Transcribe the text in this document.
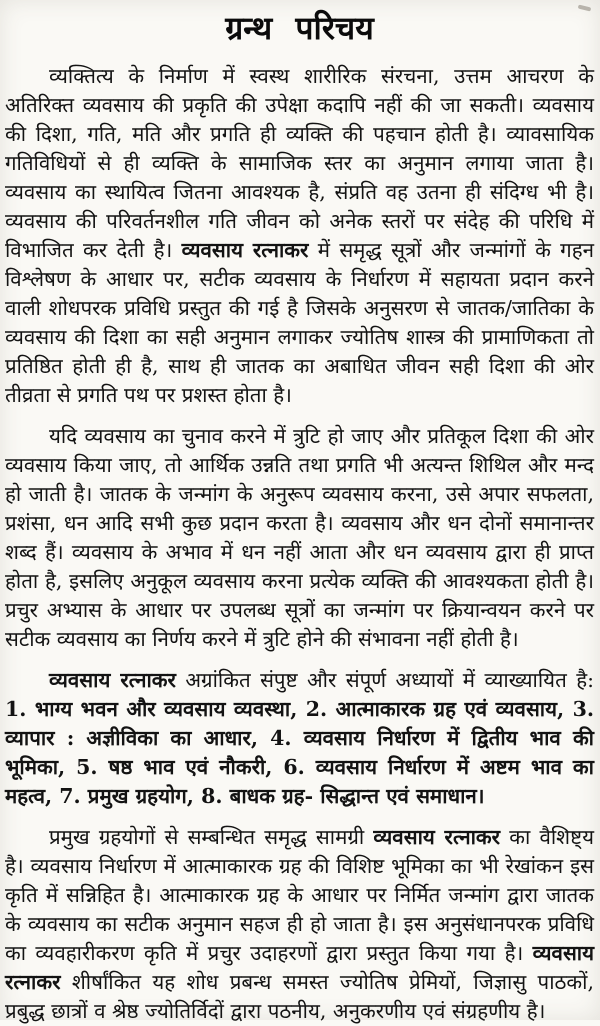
ग्रन्थ परिचय

व्यक्तित्य के निर्माण में स्वस्थ शारीरिक संरचना, उत्तम आचरण के अतिरिक्त व्यवसाय की प्रकृति की उपेक्षा कदापि नहीं की जा सकती। व्यवसाय की दिशा, गति, मति और प्रगति ही व्यक्ति की पहचान होती है। व्यावसायिक गतिविधियों से ही व्यक्ति के सामाजिक स्तर का अनुमान लगाया जाता है। व्यवसाय का स्थायित्व जितना आवश्यक है, संप्रति वह उतना ही संदिग्ध भी है। व्यवसाय की परिवर्तनशील गति जीवन को अनेक स्तरों पर संदेह की परिधि में विभाजित कर देती है। व्यवसाय रत्नाकर में समृद्ध सूत्रों और जन्मांगों के गहन विश्लेषण के आधार पर, सटीक व्यवसाय के निर्धारण में सहायता प्रदान करने वाली शोधपरक प्रविधि प्रस्तुत की गई है जिसके अनुसरण से जातक/जातिका के व्यवसाय की दिशा का सही अनुमान लगाकर ज्योतिष शास्त्र की प्रामाणिकता तो प्रतिष्ठित होती ही है, साथ ही जातक का अबाधित जीवन सही दिशा की ओर तीव्रता से प्रगति पथ पर प्रशस्त होता है।

यदि व्यवसाय का चुनाव करने में त्रुटि हो जाए और प्रतिकूल दिशा की ओर व्यवसाय किया जाए, तो आर्थिक उन्नति तथा प्रगति भी अत्यन्त शिथिल और मन्द हो जाती है। जातक के जन्मांग के अनुरूप व्यवसाय करना, उसे अपार सफलता, प्रशंसा, धन आदि सभी कुछ प्रदान करता है। व्यवसाय और धन दोनों समानान्तर शब्द हैं। व्यवसाय के अभाव में धन नहीं आता और धन व्यवसाय द्वारा ही प्राप्त होता है, इसलिए अनुकूल व्यवसाय करना प्रत्येक व्यक्ति की आवश्यकता होती है। प्रचुर अभ्यास के आधार पर उपलब्ध सूत्रों का जन्मांग पर क्रियान्वयन करने पर सटीक व्यवसाय का निर्णय करने में त्रुटि होने की संभावना नहीं होती है।

व्यवसाय रत्नाकर अग्रांकित संपुष्ट और संपूर्ण अध्यायों में व्याख्यायित है: 1. भाग्य भवन और व्यवसाय व्यवस्था, 2. आत्माकारक ग्रह एवं व्यवसाय, 3. व्यापार : अज्ञीविका का आधार, 4. व्यवसाय निर्धारण में द्वितीय भाव की भूमिका, 5. षष्ठ भाव एवं नौकरी, 6. व्यवसाय निर्धारण में अष्टम भाव का महत्व, 7. प्रमुख ग्रहयोग, 8. बाधक ग्रह- सिद्धान्त एवं समाधान।

प्रमुख ग्रहयोगों से सम्बन्धित समृद्ध सामग्री व्यवसाय रत्नाकर का वैशिष्ट्य है। व्यवसाय निर्धारण में आत्माकारक ग्रह की विशिष्ट भूमिका का भी रेखांकन इस कृति में सन्निहित है। आत्माकारक ग्रह के आधार पर निर्मित जन्मांग द्वारा जातक के व्यवसाय का सटीक अनुमान सहज ही हो जाता है। इस अनुसंधानपरक प्रविधि का व्यवहारीकरण कृति में प्रचुर उदाहरणों द्वारा प्रस्तुत किया गया है। व्यवसाय रत्नाकर शीर्षांकित यह शोध प्रबन्ध समस्त ज्योतिष प्रेमियों, जिज्ञासु पाठकों, प्रबुद्ध छात्रों व श्रेष्ठ ज्योतिर्विदों द्वारा पठनीय, अनुकरणीय एवं संग्रहणीय है।
